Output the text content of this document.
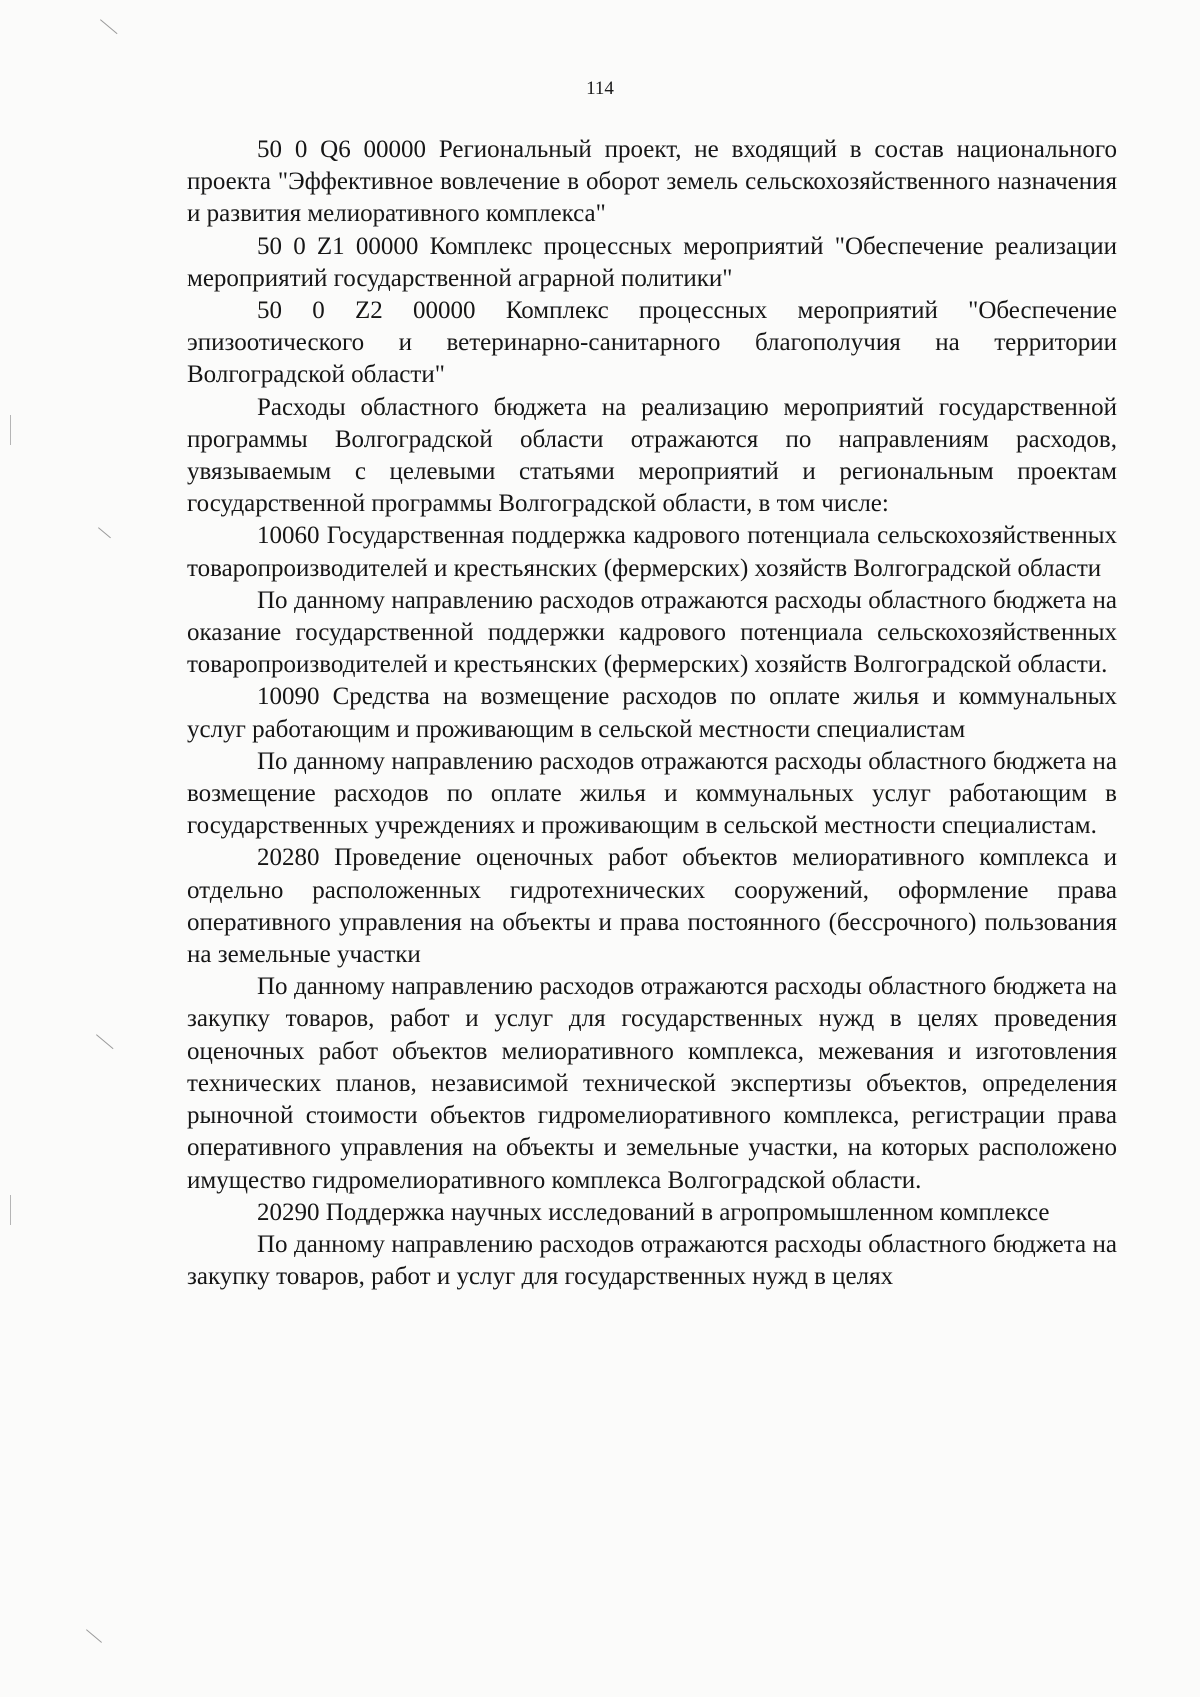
114

50 0 Q6 00000 Региональный проект, не входящий в состав национального проекта "Эффективное вовлечение в оборот земель сельскохозяйственного назначения и развития мелиоративного комплекса"

50 0 Z1 00000 Комплекс процессных мероприятий "Обеспечение реализации мероприятий государственной аграрной политики"

50 0 Z2 00000 Комплекс процессных мероприятий "Обеспечение эпизоотического и ветеринарно-санитарного благополучия на территории Волгоградской области"

Расходы областного бюджета на реализацию мероприятий государственной программы Волгоградской области отражаются по направлениям расходов, увязываемым с целевыми статьями мероприятий и региональным проектам государственной программы Волгоградской области, в том числе:

10060 Государственная поддержка кадрового потенциала сельскохозяйственных товаропроизводителей и крестьянских (фермерских) хозяйств Волгоградской области

По данному направлению расходов отражаются расходы областного бюджета на оказание государственной поддержки кадрового потенциала сельскохозяйственных товаропроизводителей и крестьянских (фермерских) хозяйств Волгоградской области.

10090 Средства на возмещение расходов по оплате жилья и коммунальных услуг работающим и проживающим в сельской местности специалистам

По данному направлению расходов отражаются расходы областного бюджета на возмещение расходов по оплате жилья и коммунальных услуг работающим в государственных учреждениях и проживающим в сельской местности специалистам.

20280 Проведение оценочных работ объектов мелиоративного комплекса и отдельно расположенных гидротехнических сооружений, оформление права оперативного управления на объекты и права постоянного (бессрочного) пользования на земельные участки

По данному направлению расходов отражаются расходы областного бюджета на закупку товаров, работ и услуг для государственных нужд в целях проведения оценочных работ объектов мелиоративного комплекса, межевания и изготовления технических планов, независимой технической экспертизы объектов, определения рыночной стоимости объектов гидромелиоративного комплекса, регистрации права оперативного управления на объекты и земельные участки, на которых расположено имущество гидромелиоративного комплекса Волгоградской области.

20290 Поддержка научных исследований в агропромышленном комплексе

По данному направлению расходов отражаются расходы областного бюджета на закупку товаров, работ и услуг для государственных нужд в целях
